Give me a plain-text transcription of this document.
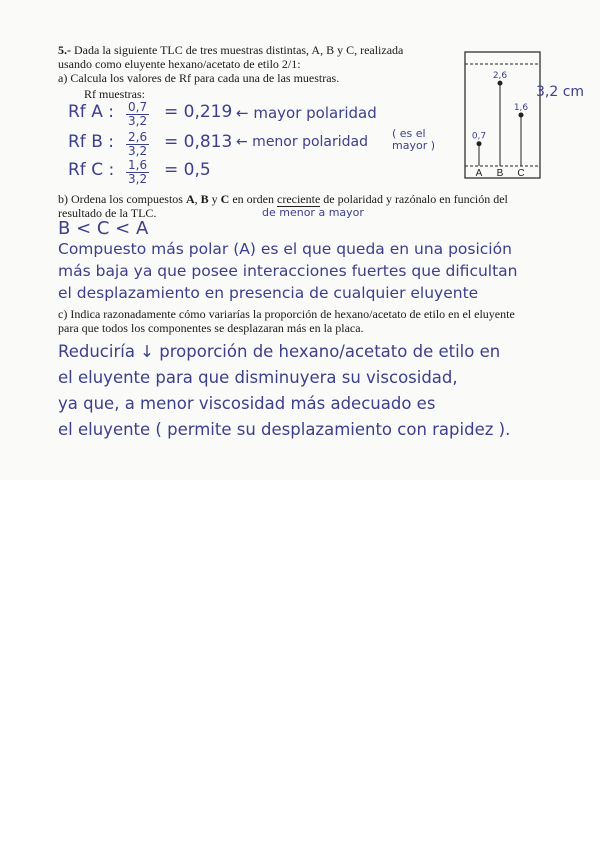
5.- Dada la siguiente TLC de tres muestras distintas, A, B y C, realizada
usando como eluyente hexano/acetato de etilo 2/1:
a) Calcula los valores de Rf para cada una de las muestras.
Rf muestras:
Rf A : $\frac{0,7}{3,2} = 0,219$ ← mayor polaridad
Rf B : $\frac{2,6}{3,2} = 0,813$ ← menor polaridad
( es el mayor )
Rf C : $\frac{1,6}{3,2} = 0,5$
0,7
2,6
1,6
A B C
3,2 cm
b) Ordena los compuestos A, B y C en orden creciente de polaridad y razónalo en función del
resultado de la TLC.	de menor a mayor
B < C < A
Compuesto más polar (A) es el que queda en una posición
más baja ya que posee interacciones fuertes que dificultan
el desplazamiento en presencia de cualquier eluyente
c) Indica razonadamente cómo variarías la proporción de hexano/acetato de etilo en el eluyente
para que todos los componentes se desplazaran más en la placa.
Reduciría ↓ proporción de hexano/acetato de etilo en
el eluyente para que disminuyera su viscosidad,
ya que, a menor viscosidad más adecuado es
el eluyente ( permite su desplazamiento con rapidez ).
